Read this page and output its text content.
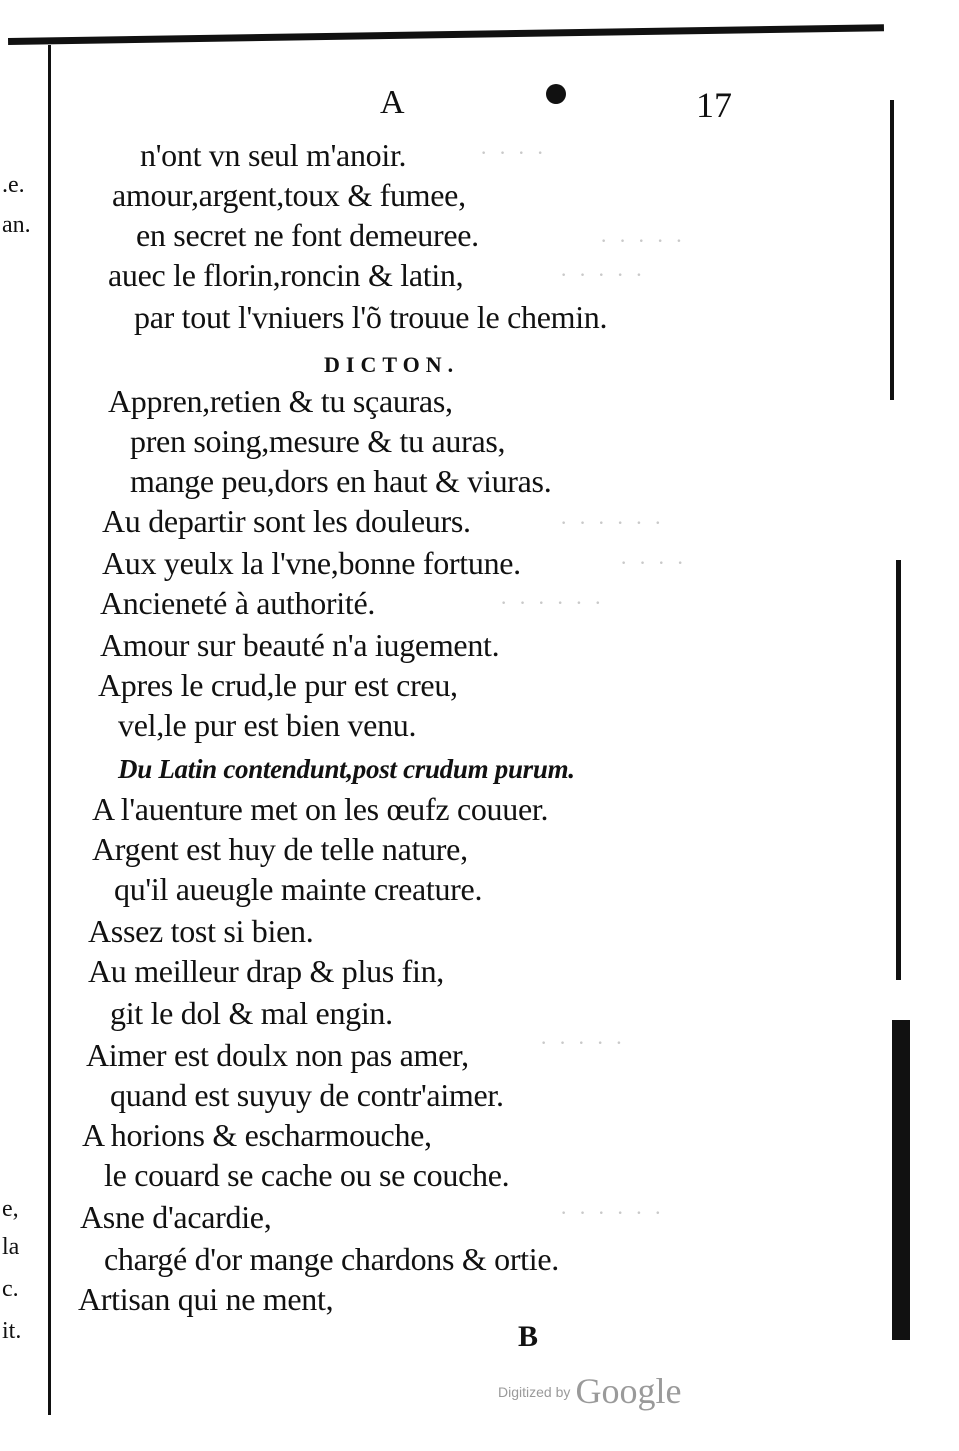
· · · ·
· · · · ·
· · · · ·
· · · · · ·
· · · ·
· · · · · ·
· · · · ·
· · · · · ·
.e.
an.
e,
la
c.
it.
A	17
n'ont vn seul m'anoir.
amour,argent,toux & fumee,
en secret ne font demeuree.
auec le florin,roncin & latin,
par tout l'vniuers l'õ trouue le chemin.
DICTON.
Appren,retien & tu sçauras,
pren soing,mesure & tu auras,
mange peu,dors en haut & viuras.
Au departir sont les douleurs.
Aux yeulx la l'vne,bonne fortune.
Ancieneté à authorité.
Amour sur beauté n'a iugement.
Apres le crud,le pur est creu,
vel,le pur est bien venu.
Du Latin contendunt,post crudum purum.
A l'auenture met on les œufz couuer.
Argent est huy de telle nature,
qu'il aueugle mainte creature.
Assez tost si bien.
Au meilleur drap & plus fin,
git le dol & mal engin.
Aimer est doulx non pas amer,
quand est suyuy de contr'aimer.
A horions & escharmouche,
le couard se cache ou se couche.
Asne d'acardie,
chargé d'or mange chardons & ortie.
Artisan qui ne ment,
B
Digitized by Google
